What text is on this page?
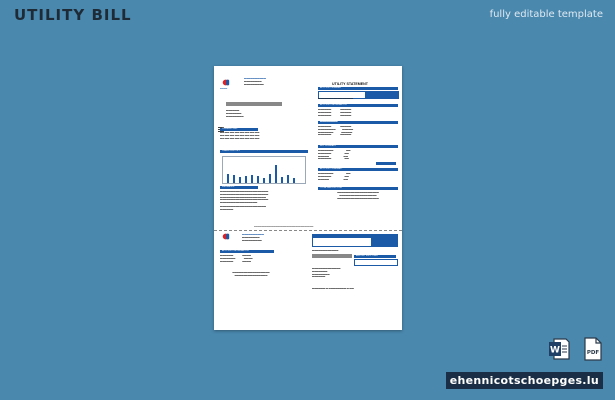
UTILITY BILL	fully editable template
▬▬▬▬
▬▬▬▬▬▬▬▬▬▬
▬▬▬▬▬▬▬▬
▬▬▬▬▬▬▬▬▬
▬▬▬▬▬▬
▬▬▬▬▬▬▬
▬▬▬▬▬▬▬▬
CURRENT BILL
▬▬ ▬▬ ▬▬ ▬▬ ▬▬ ▬▬ ▬▬ ▬▬
▬▬ ▬▬ ▬▬ ▬▬ ▬▬ ▬▬ ▬▬ ▬▬
▬▬ ▬▬ ▬▬ ▬▬ ▬▬ ▬▬ ▬▬ ▬▬
USAGE HISTORY
MESSAGES
▬▬▬▬▬▬▬▬▬▬▬▬▬▬▬▬▬▬▬▬▬▬
▬▬▬▬▬▬▬▬▬▬▬▬▬▬▬▬▬▬▬▬▬▬
▬▬▬▬▬▬▬▬▬▬▬▬▬▬▬▬▬▬▬▬▬
▬▬▬▬▬▬▬▬▬▬▬▬▬▬▬▬▬▬▬▬▬▬
▬▬▬▬▬▬▬▬▬▬▬▬▬▬▬▬▬
▬▬▬▬▬▬▬▬▬▬▬▬▬▬▬▬▬▬▬▬▬
▬▬▬▬▬▬
UTILITY STATEMENT
ACCOUNT NUMBER
▬▬▬▬▬▬▬▬▬▬▬▬▬▬▬▬
ACCOUNT INFORMATION
▬▬▬▬▬▬               ▬▬▬▬▬
▬▬▬▬▬▬               ▬▬▬▬▬
▬▬▬▬▬▬               ▬▬▬▬▬
▬▬▬▬▬▬▬▬
▬▬▬▬▬▬               ▬▬▬▬▬
▬▬▬▬▬▬▬▬           ▬▬▬▬▬
▬▬▬▬▬▬▬             ▬▬▬▬▬
▬▬▬▬▬▬               ▬▬▬▬▬
BILL SUMMARY
▬▬▬▬▬▬▬                     ▬▬
▬▬▬▬▬▬                      ▬▬
▬▬▬▬▬                        ▬▬
▬▬▬▬▬▬                      ▬▬
ACCOUNT SUMMARY
▬▬▬▬▬▬▬                     ▬▬
▬▬▬▬▬▬                      ▬▬
▬▬▬▬▬                        ▬▬
TOTAL AMOUNT DUE
▬▬▬▬▬▬▬▬▬▬▬▬▬▬▬▬▬▬▬
▬▬▬▬▬▬▬▬▬▬▬▬▬▬▬▬▬
▬▬▬▬▬▬▬▬▬▬▬▬▬▬▬▬▬▬▬
▬▬▬▬▬▬▬▬▬▬▬▬▬▬▬▬▬▬▬▬▬▬▬▬▬▬▬▬▬▬▬▬▬
▬▬▬▬▬▬▬▬▬▬
▬▬▬▬▬▬▬▬
▬▬▬▬▬▬▬▬▬
ACCOUNT INFORMATION
▬▬▬▬▬▬               ▬▬▬▬
▬▬▬▬▬▬▬              ▬▬▬▬
▬▬▬▬▬▬               ▬▬▬▬
▬▬▬▬▬▬▬▬▬▬▬▬▬▬▬▬▬
▬▬▬▬▬▬▬▬▬▬▬▬▬▬▬
▬▬▬▬▬▬▬▬▬▬▬▬
AMOUNT ENCLOSED
▬▬▬▬▬▬▬▬▬▬▬▬▬
▬▬▬▬▬▬▬
▬▬▬▬▬▬▬▬
▬▬▬▬▬▬
▬▬▬▬▬▬ ▬ ▬▬▬▬▬▬▬▬ ▬ ▬▬
W	PDF
ehennicotschoepges.lu
